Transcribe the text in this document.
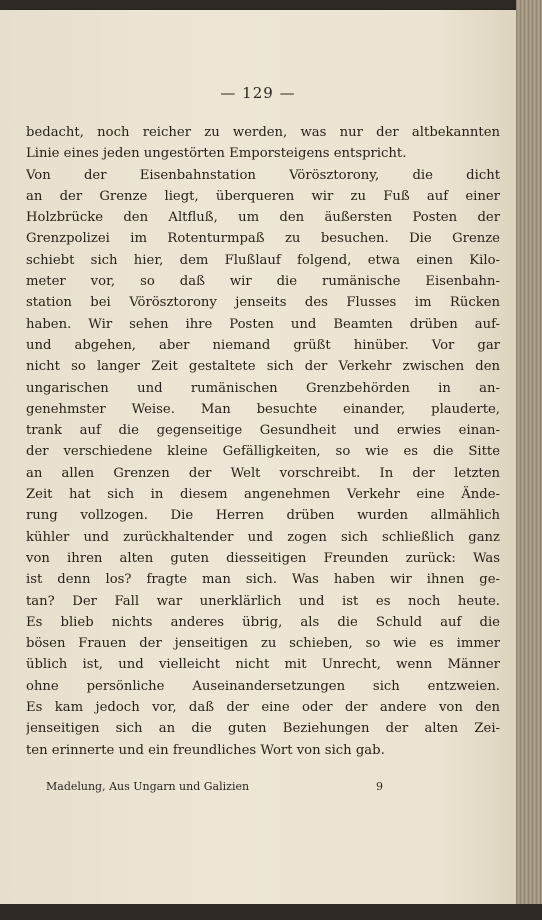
— 129 —
bedacht, noch reicher zu werden, was nur der altbekannten
Linie eines jeden ungestörten Emporsteigens entspricht.
Von der Eisenbahnstation Vörösztorony, die dicht
an der Grenze liegt, überqueren wir zu Fuß auf einer
Holzbrücke den Altfluß, um den äußersten Posten der
Grenzpolizei im Rotenturmpaß zu besuchen. Die Grenze
schiebt sich hier, dem Flußlauf folgend, etwa einen Kilo-
meter vor, so daß wir die rumänische Eisenbahn-
station bei Vörösztorony jenseits des Flusses im Rücken
haben. Wir sehen ihre Posten und Beamten drüben auf-
und abgehen, aber niemand grüßt hinüber. Vor gar
nicht so langer Zeit gestaltete sich der Verkehr zwischen den
ungarischen und rumänischen Grenzbehörden in an-
genehmster Weise. Man besuchte einander, plauderte,
trank auf die gegenseitige Gesundheit und erwies einan-
der verschiedene kleine Gefälligkeiten, so wie es die Sitte
an allen Grenzen der Welt vorschreibt. In der letzten
Zeit hat sich in diesem angenehmen Verkehr eine Ände-
rung vollzogen. Die Herren drüben wurden allmählich
kühler und zurückhaltender und zogen sich schließlich ganz
von ihren alten guten diesseitigen Freunden zurück: Was
ist denn los? fragte man sich. Was haben wir ihnen ge-
tan? Der Fall war unerklärlich und ist es noch heute.
Es blieb nichts anderes übrig, als die Schuld auf die
bösen Frauen der jenseitigen zu schieben, so wie es immer
üblich ist, und vielleicht nicht mit Unrecht, wenn Männer
ohne persönliche Auseinandersetzungen sich entzweien.
Es kam jedoch vor, daß der eine oder der andere von den
jenseitigen sich an die guten Beziehungen der alten Zei-
ten erinnerte und ein freundliches Wort von sich gab.
Madelung, Aus Ungarn und Galizien	9
